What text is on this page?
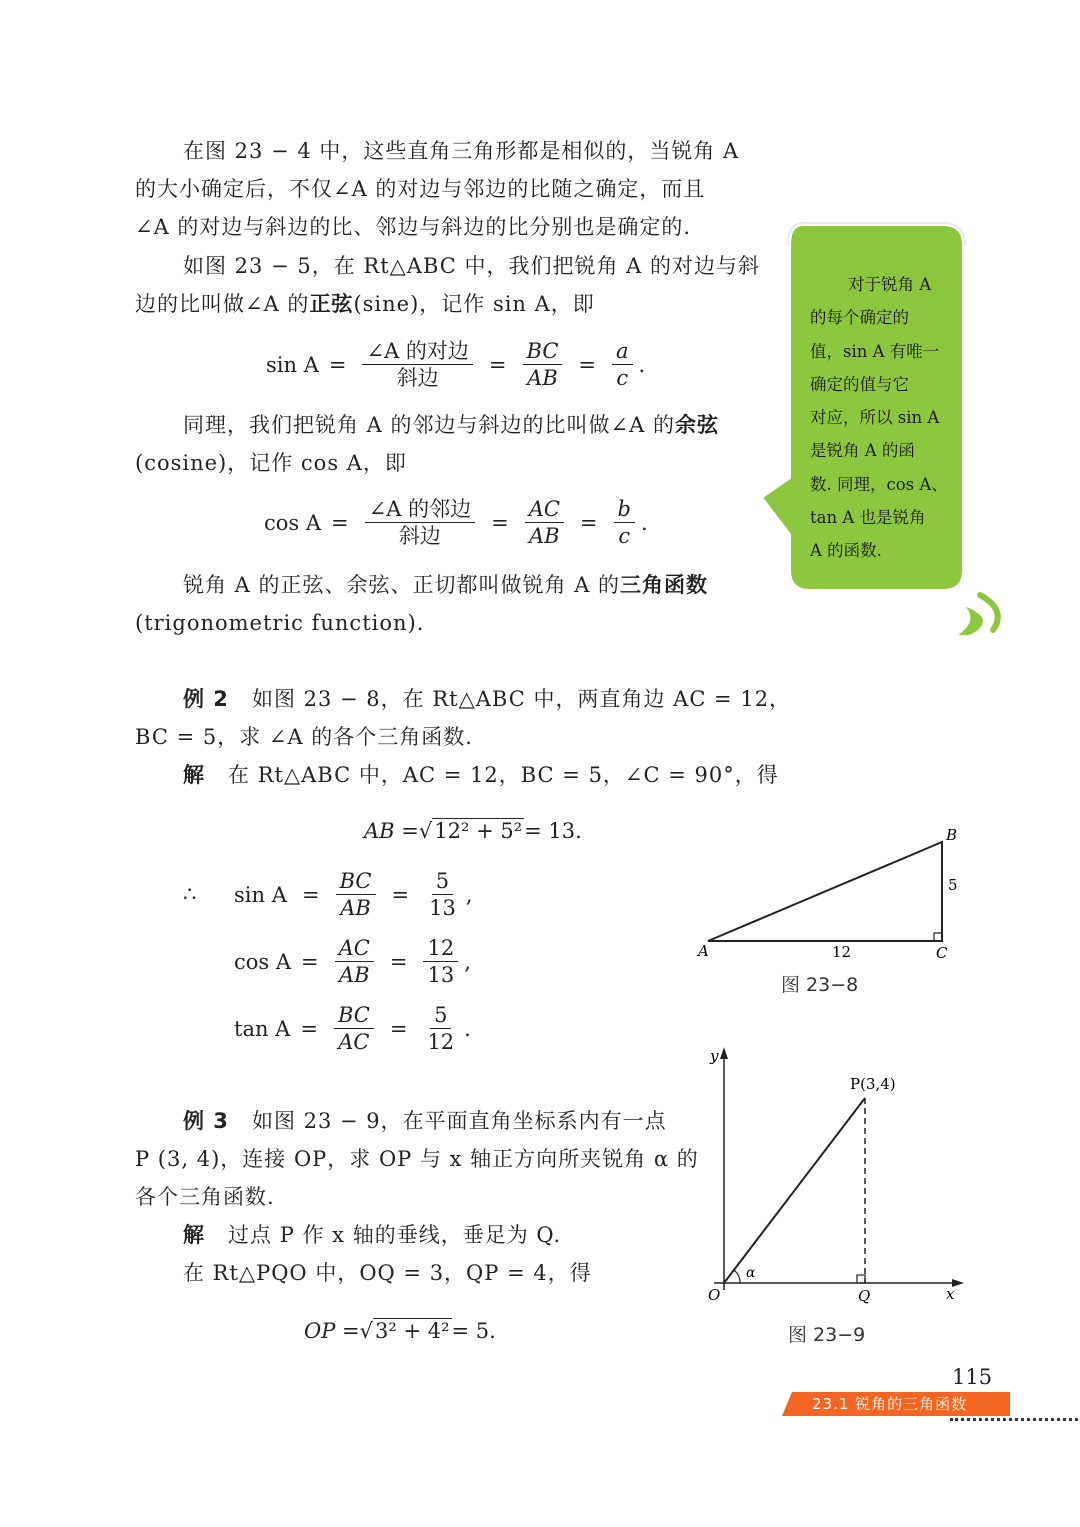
在图 23 − 4 中，这些直角三角形都是相似的，当锐角 A
的大小确定后，不仅∠A 的对边与邻边的比随之确定，而且
∠A 的对边与斜边的比、邻边与斜边的比分别也是确定的.
如图 23 − 5，在 Rt△ABC 中，我们把锐角 A 的对边与斜
边的比叫做∠A 的正弦(sine)，记作 sin A，即
$\sin A = \frac{\text{∠A 的对边}}{\text{斜边}} = \frac{BC}{AB} = \frac{a}{c}$ .
同理，我们把锐角 A 的邻边与斜边的比叫做∠A 的余弦
(cosine)，记作 cos A，即
$\cos A = \frac{\text{∠A 的邻边}}{\text{斜边}} = \frac{AC}{AB} = \frac{b}{c}$ .
锐角 A 的正弦、余弦、正切都叫做锐角 A 的三角函数
(trigonometric function).
例 2 如图 23 − 8，在 Rt△ABC 中，两直角边 AC = 12，
BC = 5，求 ∠A 的各个三角函数.
解 在 Rt△ABC 中，AC = 12，BC = 5，∠C = 90°，得
AB = √ 12² + 5² = 13.
∴ $\sin A = \frac{BC}{AB} = \frac{5}{13}$ ,
$\cos A = \frac{AC}{AB} = \frac{12}{13}$ ,
$\tan A = \frac{BC}{AC} = \frac{5}{12}$ .
例 3 如图 23 − 9，在平面直角坐标系内有一点
P (3, 4)，连接 OP，求 OP 与 x 轴正方向所夹锐角 α 的
各个三角函数.
解 过点 P 作 x 轴的垂线，垂足为 Q.
在 Rt△PQO 中，OQ = 3，QP = 4，得
OP = √ 3² + 4² = 5.
对于锐角 A
的每个确定的
值，sin A 有唯一
确定的值与它
对应，所以 sin A
是锐角 A 的函
数. 同理，cos A、
tan A 也是锐角
A 的函数.
A
B
C
12
5
图 23−8
α
y
x
O	Q
P(3,4)
图 23−9
115
23.1 锐角的三角函数
